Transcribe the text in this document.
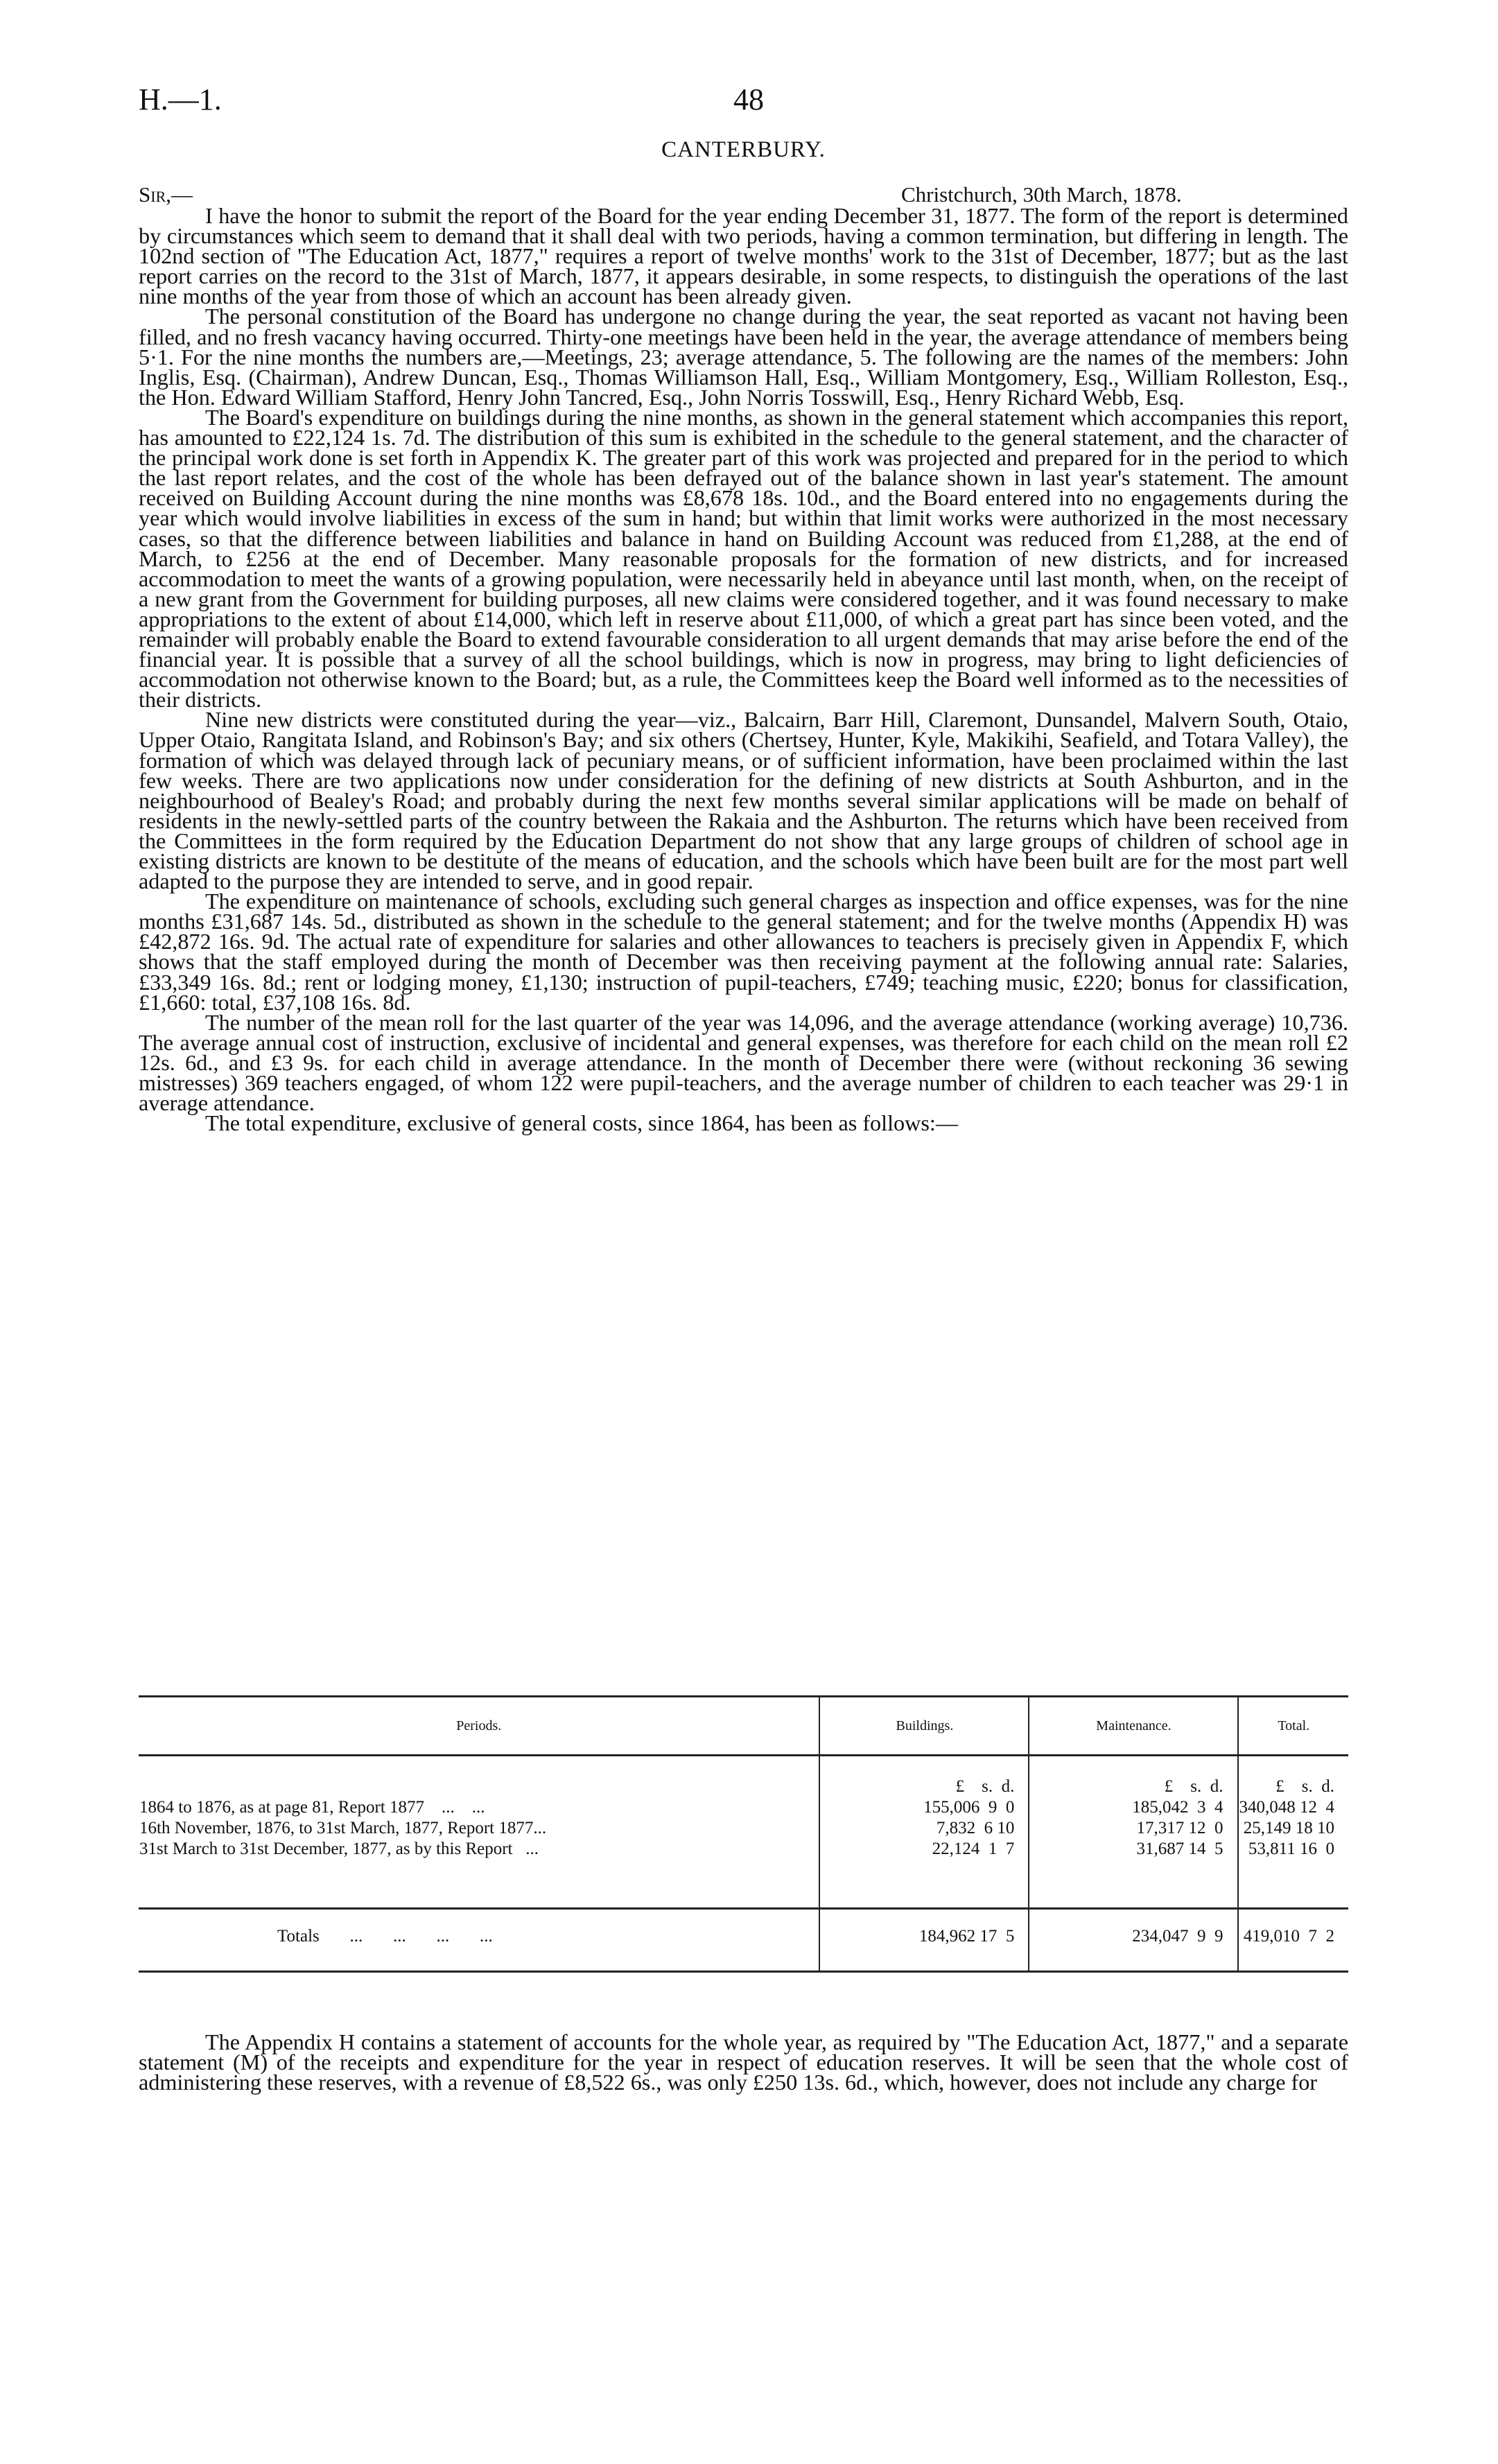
H.—1.	48
CANTERBURY.
Sir,—	Christchurch, 30th March, 1878.

I have the honor to submit the report of the Board for the year ending December 31, 1877. The form of the report is determined by circumstances which seem to demand that it shall deal with two periods, having a common termination, but differing in length. The 102nd section of "The Education Act, 1877," requires a report of twelve months' work to the 31st of December, 1877; but as the last report carries on the record to the 31st of March, 1877, it appears desirable, in some respects, to distinguish the operations of the last nine months of the year from those of which an account has been already given.

The personal constitution of the Board has undergone no change during the year, the seat reported as vacant not having been filled, and no fresh vacancy having occurred. Thirty-one meetings have been held in the year, the average attendance of members being 5·1. For the nine months the numbers are,—Meetings, 23; average attendance, 5. The following are the names of the members: John Inglis, Esq. (Chairman), Andrew Duncan, Esq., Thomas Williamson Hall, Esq., William Montgomery, Esq., William Rolleston, Esq., the Hon. Edward William Stafford, Henry John Tancred, Esq., John Norris Tosswill, Esq., Henry Richard Webb, Esq.

The Board's expenditure on buildings during the nine months, as shown in the general statement which accompanies this report, has amounted to £22,124 1s. 7d. The distribution of this sum is exhibited in the schedule to the general statement, and the character of the principal work done is set forth in Appendix K. The greater part of this work was projected and prepared for in the period to which the last report relates, and the cost of the whole has been defrayed out of the balance shown in last year's statement. The amount received on Building Account during the nine months was £8,678 18s. 10d., and the Board entered into no engagements during the year which would involve liabilities in excess of the sum in hand; but within that limit works were authorized in the most necessary cases, so that the difference between liabilities and balance in hand on Building Account was reduced from £1,288, at the end of March, to £256 at the end of December. Many reasonable proposals for the formation of new districts, and for increased accommodation to meet the wants of a growing population, were necessarily held in abeyance until last month, when, on the receipt of a new grant from the Government for building purposes, all new claims were considered together, and it was found necessary to make appropriations to the extent of about £14,000, which left in reserve about £11,000, of which a great part has since been voted, and the remainder will probably enable the Board to extend favourable consideration to all urgent demands that may arise before the end of the financial year. It is possible that a survey of all the school buildings, which is now in progress, may bring to light deficiencies of accommodation not otherwise known to the Board; but, as a rule, the Committees keep the Board well informed as to the necessities of their districts.

Nine new districts were constituted during the year—viz., Balcairn, Barr Hill, Claremont, Dunsandel, Malvern South, Otaio, Upper Otaio, Rangitata Island, and Robinson's Bay; and six others (Chertsey, Hunter, Kyle, Makikihi, Seafield, and Totara Valley), the formation of which was delayed through lack of pecuniary means, or of sufficient information, have been proclaimed within the last few weeks. There are two applications now under consideration for the defining of new districts at South Ashburton, and in the neighbourhood of Bealey's Road; and probably during the next few months several similar applications will be made on behalf of residents in the newly-settled parts of the country between the Rakaia and the Ashburton. The returns which have been received from the Committees in the form required by the Education Department do not show that any large groups of children of school age in existing districts are known to be destitute of the means of education, and the schools which have been built are for the most part well adapted to the purpose they are intended to serve, and in good repair.

The expenditure on maintenance of schools, excluding such general charges as inspection and office expenses, was for the nine months £31,687 14s. 5d., distributed as shown in the schedule to the general statement; and for the twelve months (Appendix H) was £42,872 16s. 9d. The actual rate of expenditure for salaries and other allowances to teachers is precisely given in Appendix F, which shows that the staff employed during the month of December was then receiving payment at the following annual rate: Salaries, £33,349 16s. 8d.; rent or lodging money, £1,130; instruction of pupil-teachers, £749; teaching music, £220; bonus for classification, £1,660: total, £37,108 16s. 8d.

The number of the mean roll for the last quarter of the year was 14,096, and the average attendance (working average) 10,736. The average annual cost of instruction, exclusive of incidental and general expenses, was therefore for each child on the mean roll £2 12s. 6d., and £3 9s. for each child in average attendance. In the month of December there were (without reckoning 36 sewing mistresses) 369 teachers engaged, of whom 122 were pupil-teachers, and the average number of children to each teacher was 29·1 in average attendance.

The total expenditure, exclusive of general costs, since 1864, has been as follows:—

Periods.	Buildings.	Maintenance.	Total.
	£    s.  d.	£    s.  d.	£    s.  d.
1864 to 1876, as at page 81, Report 1877    ...    ...	155,006  9  0	185,042  3  4	340,048 12  4
16th November, 1876, to 31st March, 1877, Report 1877...	7,832  6 10	17,317 12  0	25,149 18 10
31st March to 31st December, 1877, as by this Report   ...	22,124  1  7	31,687 14  5	53,811 16  0
Totals       ...       ...       ...       ...	184,962 17  5	234,047  9  9	419,010  7  2

The Appendix H contains a statement of accounts for the whole year, as required by "The Education Act, 1877," and a separate statement (M) of the receipts and expenditure for the year in respect of education reserves. It will be seen that the whole cost of administering these reserves, with a revenue of £8,522 6s., was only £250 13s. 6d., which, however, does not include any charge for
